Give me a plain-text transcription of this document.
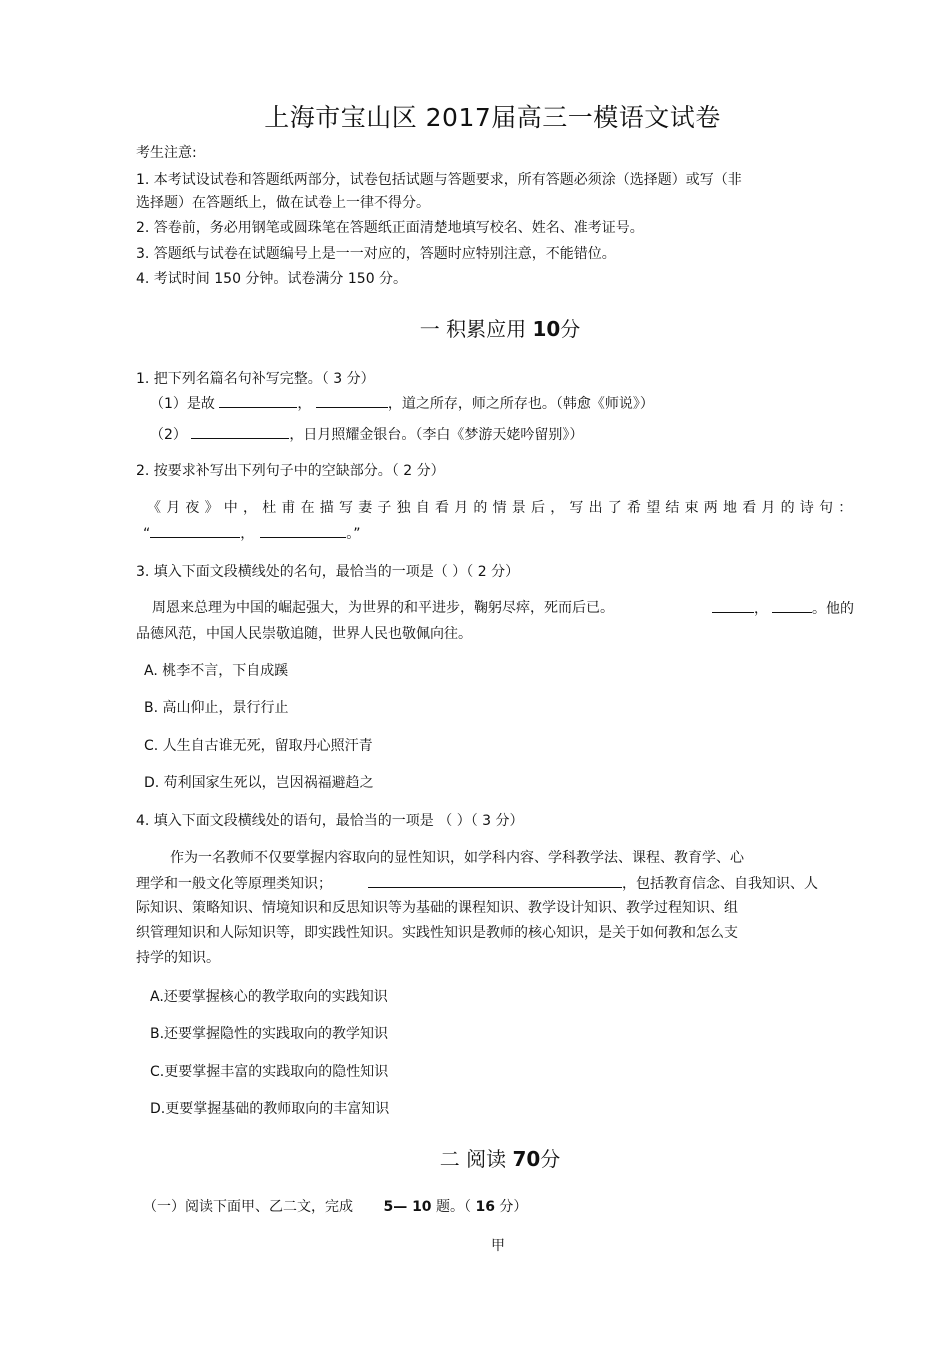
上海市宝山区 2017届高三一模语文试卷
考生注意:
1. 本考试设试卷和答题纸两部分，试卷包括试题与答题要求，所有答题必须涂（选择题）或写（非
选择题）在答题纸上，做在试卷上一律不得分。
2. 答卷前，务必用钢笔或圆珠笔在答题纸正面清楚地填写校名、姓名、准考证号。
3. 答题纸与试卷在试题编号上是一一对应的，答题时应特别注意，不能错位。
4. 考试时间 150 分钟。试卷满分 150 分。
一 积累应用 10分
1. 把下列名篇名句补写完整。（ 3 分）
（1）是故	，	，道之所存，师之所存也。（韩愈《师说》）
（2）	，日月照耀金银台。（李白《梦游天姥吟留别》）
2. 按要求补写出下列句子中的空缺部分。（ 2 分）
《月夜》中，杜甫在描写妻子独自看月的情景后，写出了希望结束两地看月的诗句：
“	，	。”
3. 填入下面文段横线处的名句，最恰当的一项是（ ）（ 2 分）
周恩来总理为中国的崛起强大，为世界的和平进步，鞠躬尽瘁，死而后已。	，	。他的
品德风范，中国人民崇敬追随，世界人民也敬佩向往。
A. 桃李不言，下自成蹊
B. 高山仰止，景行行止
C. 人生自古谁无死，留取丹心照汗青
D. 苟利国家生死以，岂因祸福避趋之
4. 填入下面文段横线处的语句，最恰当的一项是 （ ）（ 3 分）
作为一名教师不仅要掌握内容取向的显性知识，如学科内容、学科教学法、课程、教育学、心
理学和一般文化等原理类知识；	，包括教育信念、自我知识、人
际知识、策略知识、情境知识和反思知识等为基础的课程知识、教学设计知识、教学过程知识、组
织管理知识和人际知识等，即实践性知识。实践性知识是教师的核心知识，是关于如何教和怎么支
持学的知识。
A.还要掌握核心的教学取向的实践知识
B.还要掌握隐性的实践取向的教学知识
C.更要掌握丰富的实践取向的隐性知识
D.更要掌握基础的教师取向的丰富知识
二 阅读 70分
（一）阅读下面甲、乙二文，完成 5— 10 题。（ 16 分）
甲
